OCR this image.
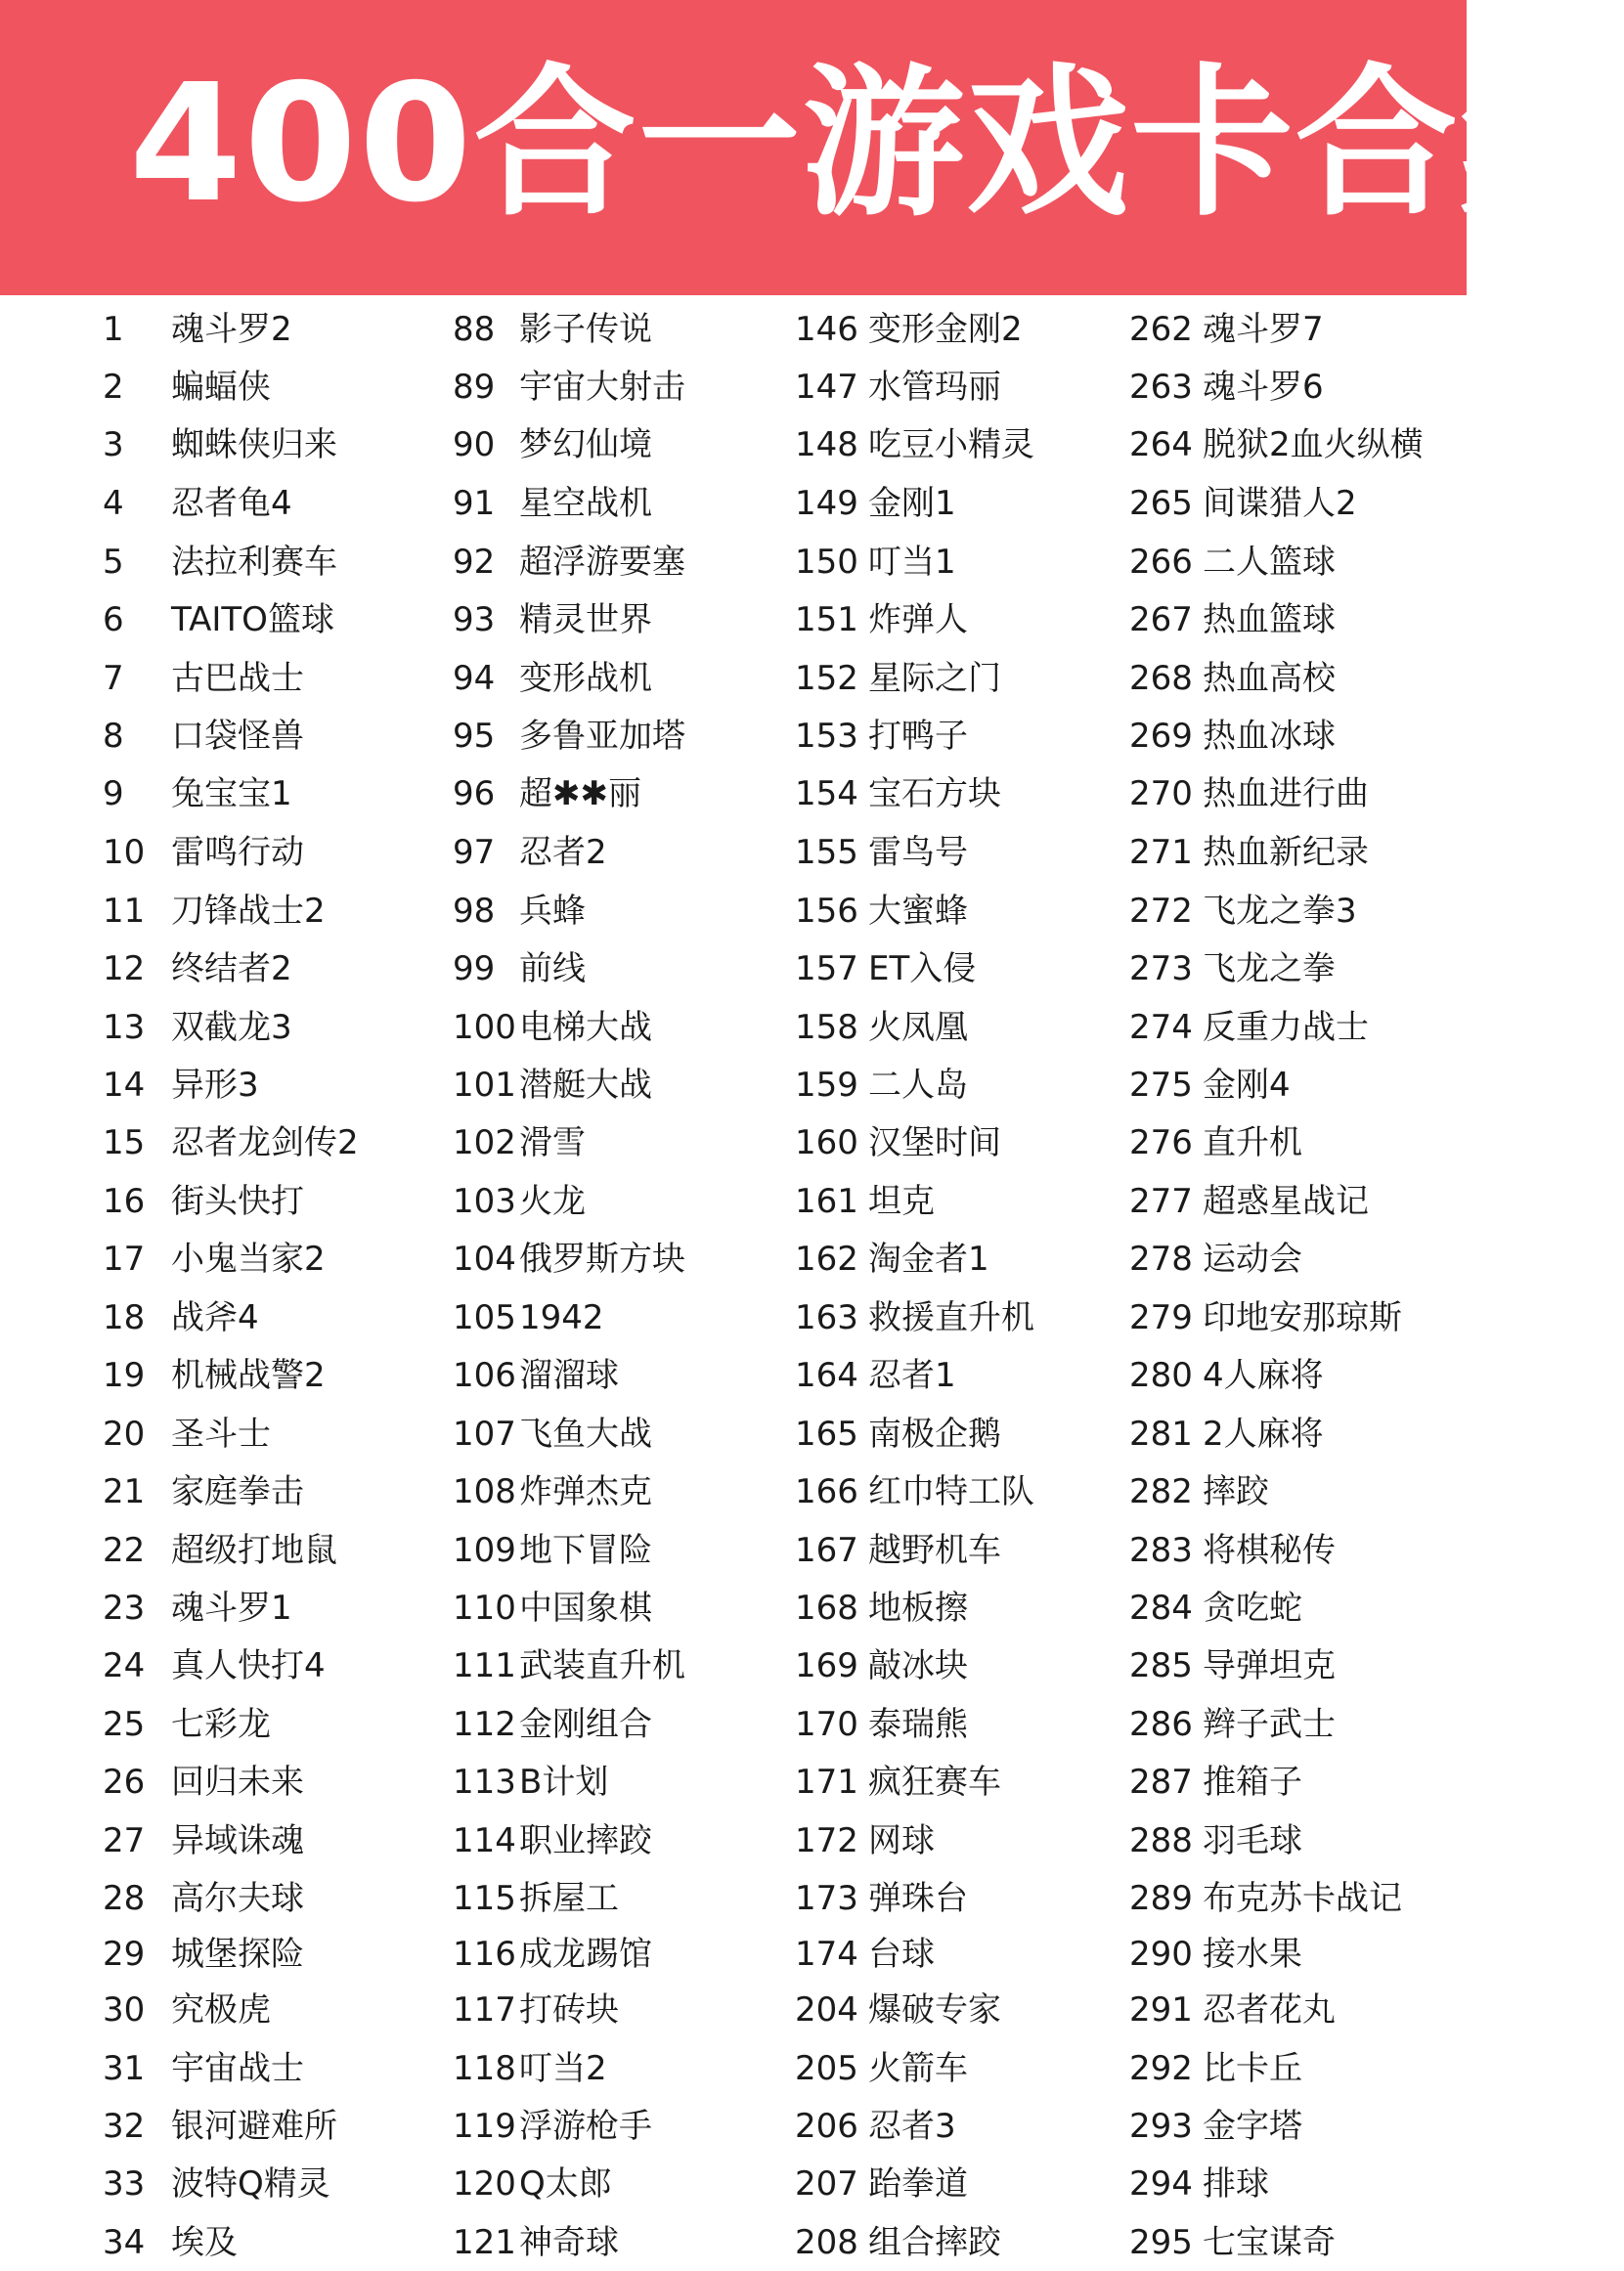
400合一游戏卡合集
1 魂斗罗2
2 蝙蝠侠
3 蜘蛛侠归来
4 忍者龟4
5 法拉利赛车
6 TAITO篮球
7 古巴战士
8 口袋怪兽
9 兔宝宝1
10 雷鸣行动
11 刀锋战士2
12 终结者2
13 双截龙3
14 异形3
15 忍者龙剑传2
16 街头快打
17 小鬼当家2
18 战斧4
19 机械战警2
20 圣斗士
21 家庭拳击
22 超级打地鼠
23 魂斗罗1
24 真人快打4
25 七彩龙
26 回归未来
27 异域诛魂
28 高尔夫球
29 城堡探险
30 究极虎
31 宇宙战士
32 银河避难所
33 波特Q精灵
34 埃及
88 影子传说
89 宇宙大射击
90 梦幻仙境
91 星空战机
92 超浮游要塞
93 精灵世界
94 变形战机
95 多鲁亚加塔
96 超✱✱丽
97 忍者2
98 兵蜂
99 前线
100 电梯大战
101 潜艇大战
102 滑雪
103 火龙
104 俄罗斯方块
105 1942
106 溜溜球
107 飞鱼大战
108 炸弹杰克
109 地下冒险
110 中国象棋
111 武装直升机
112 金刚组合
113 B计划
114 职业摔跤
115 拆屋工
116 成龙踢馆
117 打砖块
118 叮当2
119 浮游枪手
120 Q太郎
121 神奇球
146 变形金刚2
147 水管玛丽
148 吃豆小精灵
149 金刚1
150 叮当1
151 炸弹人
152 星际之门
153 打鸭子
154 宝石方块
155 雷鸟号
156 大蜜蜂
157 ET入侵
158 火凤凰
159 二人岛
160 汉堡时间
161 坦克
162 淘金者1
163 救援直升机
164 忍者1
165 南极企鹅
166 红巾特工队
167 越野机车
168 地板擦
169 敲冰块
170 泰瑞熊
171 疯狂赛车
172 网球
173 弹珠台
174 台球
204 爆破专家
205 火箭车
206 忍者3
207 跆拳道
208 组合摔跤
262 魂斗罗7
263 魂斗罗6
264 脱狱2血火纵横
265 间谍猎人2
266 二人篮球
267 热血篮球
268 热血高校
269 热血冰球
270 热血进行曲
271 热血新纪录
272 飞龙之拳3
273 飞龙之拳
274 反重力战士
275 金刚4
276 直升机
277 超惑星战记
278 运动会
279 印地安那琼斯
280 4人麻将
281 2人麻将
282 摔跤
283 将棋秘传
284 贪吃蛇
285 导弹坦克
286 辫子武士
287 推箱子
288 羽毛球
289 布克苏卡战记
290 接水果
291 忍者花丸
292 比卡丘
293 金字塔
294 排球
295 七宝谋奇
